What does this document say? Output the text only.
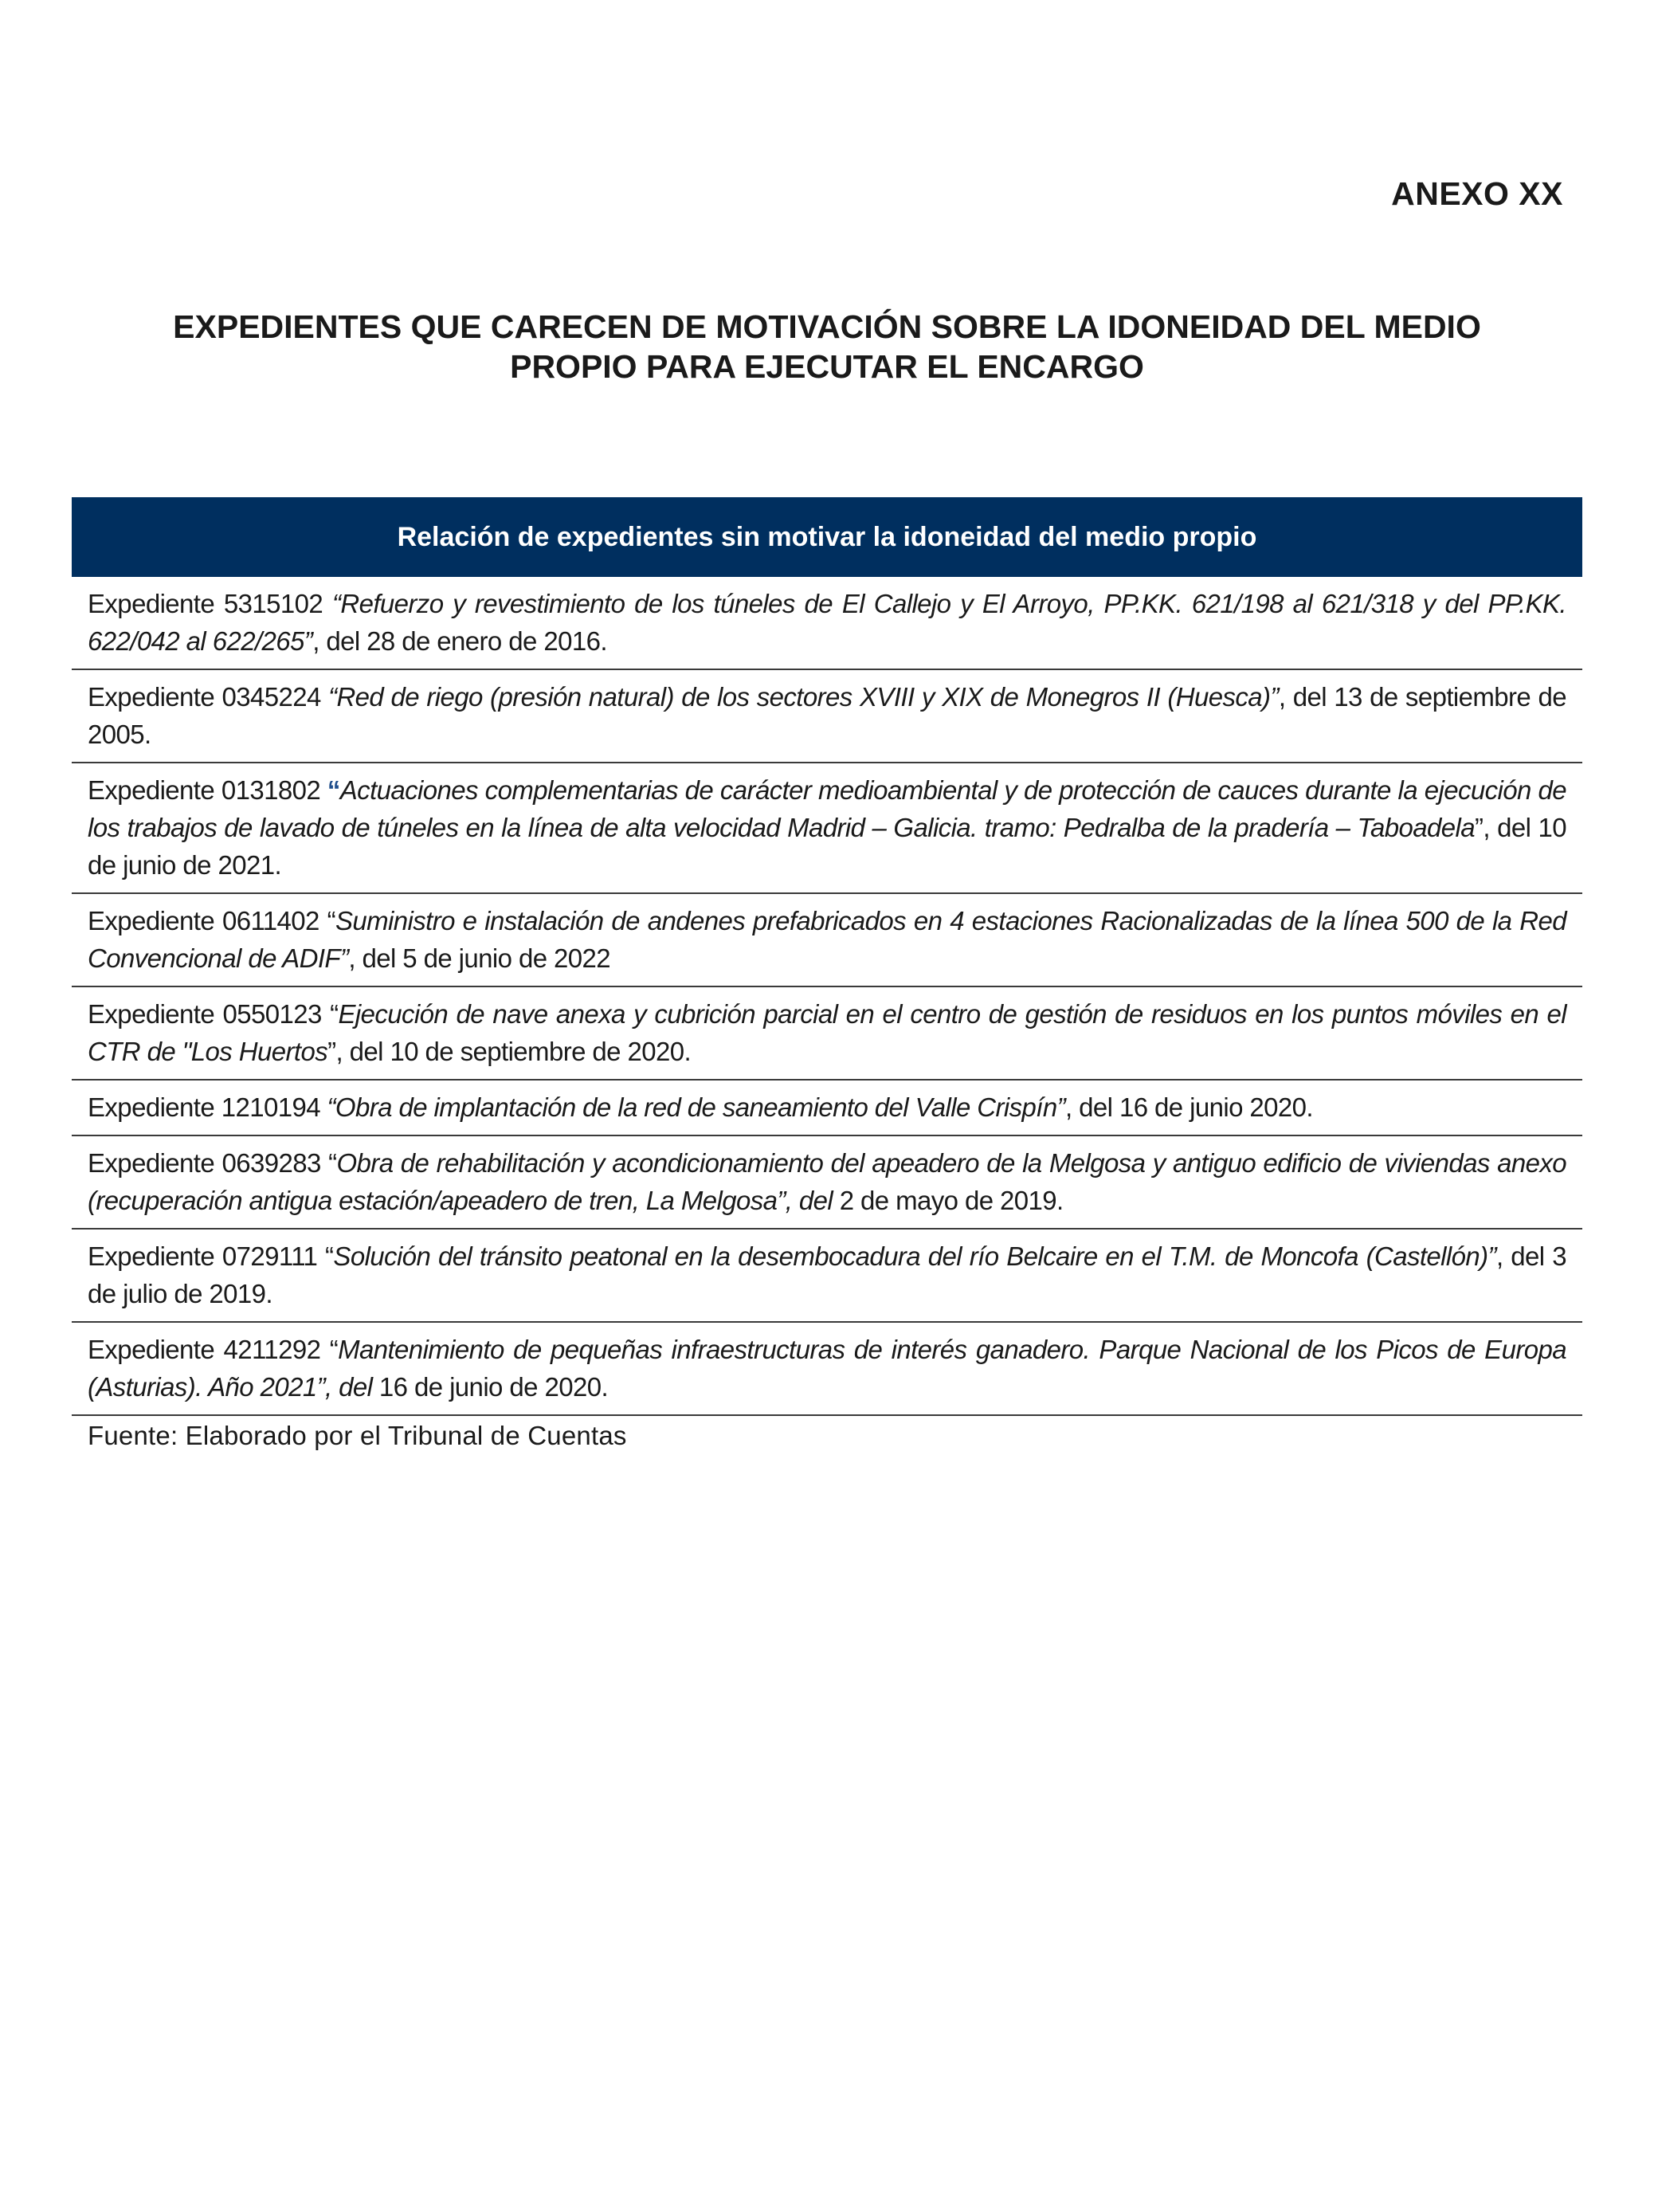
ANEXO XX
EXPEDIENTES QUE CARECEN DE MOTIVACIÓN SOBRE LA IDONEIDAD DEL MEDIO
PROPIO PARA EJECUTAR EL ENCARGO
Relación de expedientes sin motivar la idoneidad del medio propio
Expediente 5315102 “Refuerzo y revestimiento de los túneles de El Callejo y El Arroyo, PP.KK. 621/198 al 621/318 y del PP.KK. 622/042 al 622/265”, del 28 de enero de 2016.
Expediente 0345224 “Red de riego (presión natural) de los sectores XVIII y XIX de Monegros II (Huesca)”, del 13 de septiembre de 2005.
Expediente 0131802 “Actuaciones complementarias de carácter medioambiental y de protección de cauces durante la ejecución de los trabajos de lavado de túneles en la línea de alta velocidad Madrid – Galicia. tramo: Pedralba de la pradería – Taboadela”, del 10 de junio de 2021.
Expediente 0611402 “Suministro e instalación de andenes prefabricados en 4 estaciones Racionalizadas de la línea 500 de la Red Convencional de ADIF”, del 5 de junio de 2022
Expediente 0550123 “Ejecución de nave anexa y cubrición parcial en el centro de gestión de residuos en los puntos móviles en el CTR de "Los Huertos”, del 10 de septiembre de 2020.
Expediente 1210194 “Obra de implantación de la red de saneamiento del Valle Crispín”, del 16 de junio 2020.
Expediente 0639283 “Obra de rehabilitación y acondicionamiento del apeadero de la Melgosa y antiguo edificio de viviendas anexo (recuperación antigua estación/apeadero de tren, La Melgosa”, del 2 de mayo de 2019.
Expediente 0729111 “Solución del tránsito peatonal en la desembocadura del río Belcaire en el T.M. de Moncofa (Castellón)”, del 3 de julio de 2019.
Expediente 4211292 “Mantenimiento de pequeñas infraestructuras de interés ganadero. Parque Nacional de los Picos de Europa (Asturias). Año 2021”, del 16 de junio de 2020.
Fuente: Elaborado por el Tribunal de Cuentas
